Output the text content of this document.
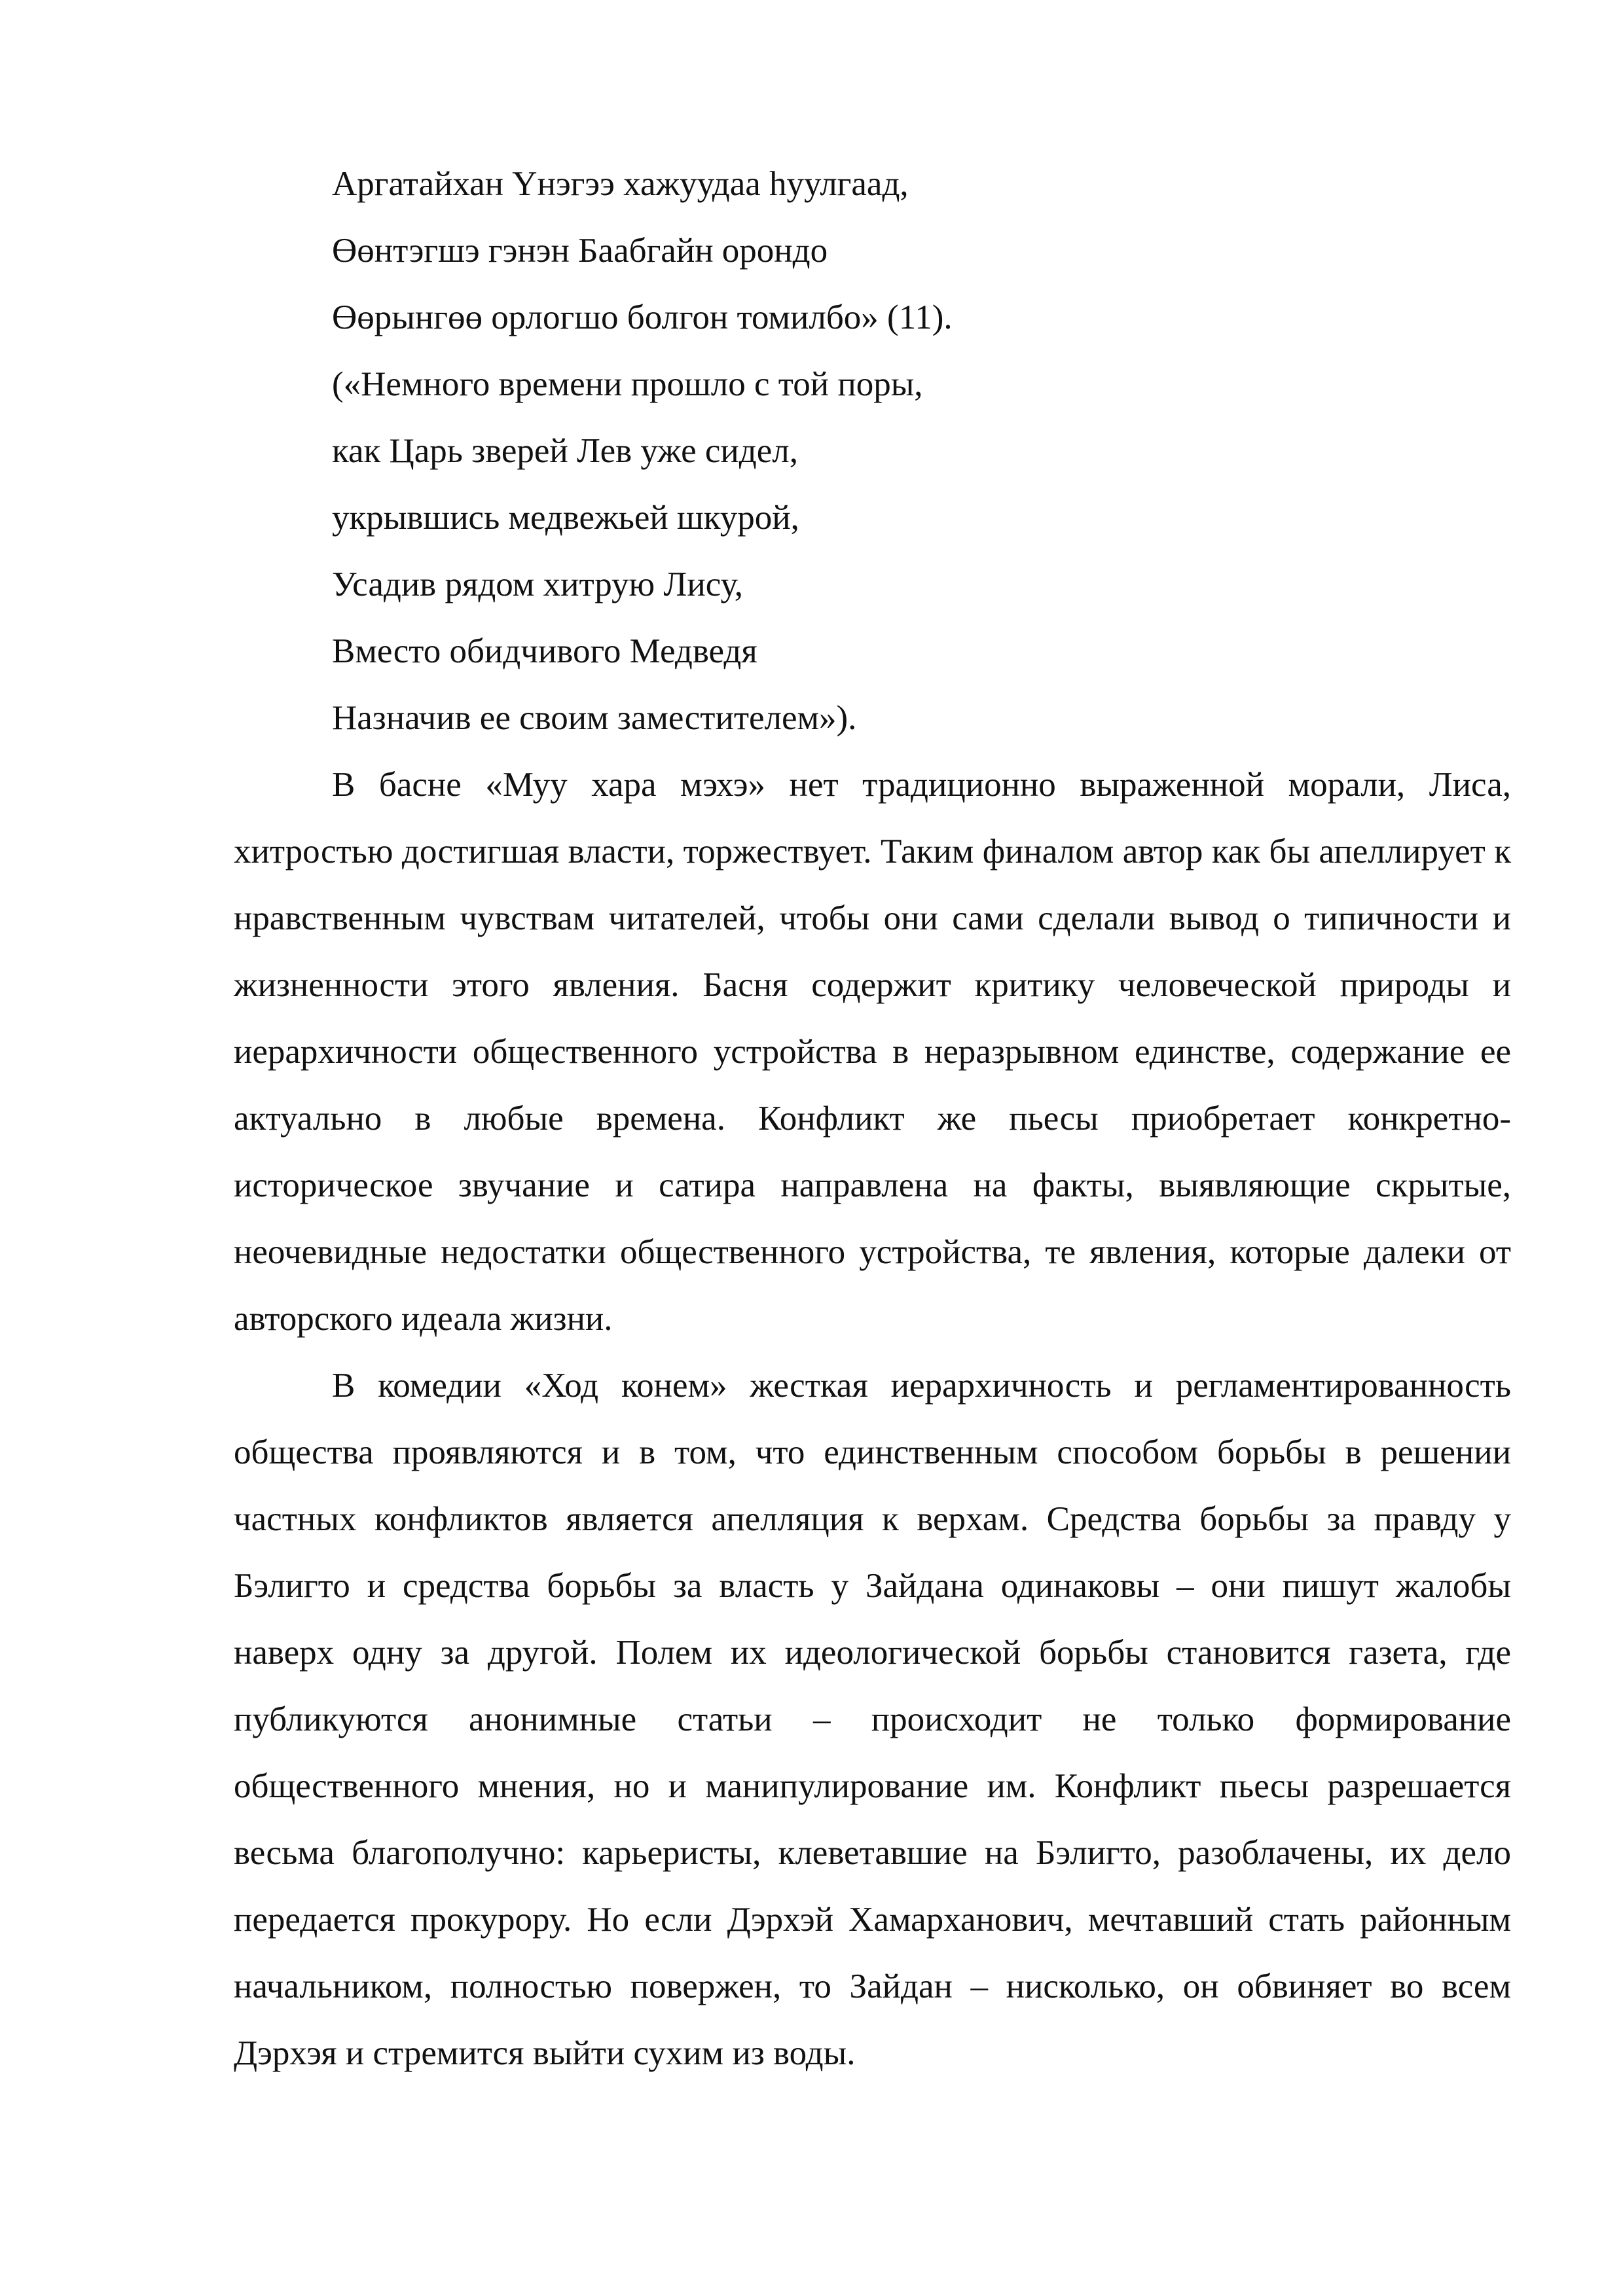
Аргатайхан Үнэгээ хажуудаа һуулгаад,
Өөнтэгшэ гэнэн Баабгайн орондо
Өөрынгөө орлогшо болгон томилбо» (11).
(«Немного времени прошло с той поры,
как Царь зверей Лев уже сидел,
укрывшись медвежьей шкурой,
Усадив рядом хитрую Лису,
Вместо обидчивого Медведя
Назначив ее своим заместителем»).

В басне «Муу хара мэхэ» нет традиционно выраженной морали, Лиса, хитростью достигшая власти, торжествует. Таким финалом автор как бы апеллирует к нравственным чувствам читателей, чтобы они сами сделали вывод о типичности и жизненности этого явления. Басня содержит критику человеческой природы и иерархичности общественного устройства в неразрывном единстве, содержание ее актуально в любые времена. Конфликт же пьесы приобретает конкретно-историческое звучание и сатира направлена на факты, выявляющие скрытые, неочевидные недостатки общественного устройства, те явления, которые далеки от авторского идеала жизни.

В комедии «Ход конем» жесткая иерархичность и регламентированность общества проявляются и в том, что единственным способом борьбы в решении частных конфликтов является апелляция к верхам. Средства борьбы за правду у Бэлигто и средства борьбы за власть у Зайдана одинаковы – они пишут жалобы наверх одну за другой. Полем их идеологической борьбы становится газета, где публикуются анонимные статьи – происходит не только формирование общественного мнения, но и манипулирование им. Конфликт пьесы разрешается весьма благополучно: карьеристы, клеветавшие на Бэлигто, разоблачены, их дело передается прокурору. Но если Дэрхэй Хамарханович, мечтавший стать районным начальником, полностью повержен, то Зайдан – нисколько, он обвиняет во всем Дэрхэя и стремится выйти сухим из воды.
